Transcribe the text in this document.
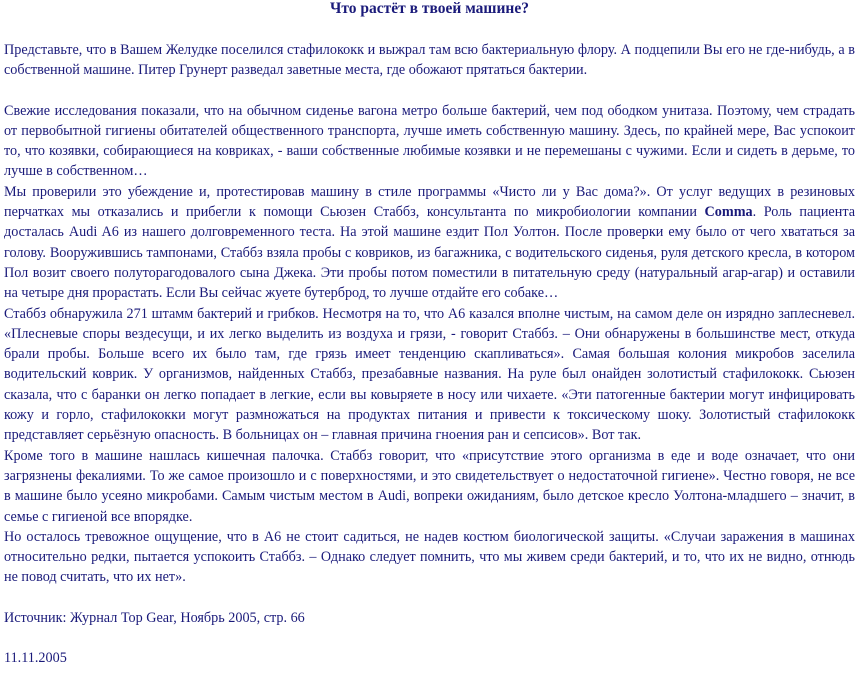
Что растёт в твоей машине?

Представьте, что в Вашем Желудке поселился стафилококк и выжрал там всю бактериальную флору. А подцепили Вы его не где-нибудь, а в собственной машине. Питер Грунерт разведал заветные места, где обожают прятаться бактерии.

Свежие исследования показали, что на обычном сиденье вагона метро больше бактерий, чем под ободком унитаза. Поэтому, чем страдать от первобытной гигиены обитателей общественного транспорта, лучше иметь собственную машину. Здесь, по крайней мере, Вас успокоит то, что козявки, собирающиеся на ковриках, - ваши собственные любимые козявки и не перемешаны с чужими. Если и сидеть в дерьме, то лучше в собственном…

Мы проверили это убеждение и, протестировав машину в стиле программы «Чисто ли у Вас дома?». От услуг ведущих в резиновых перчатках мы отказались и прибегли к помощи Сьюзен Стаббз, консультанта по микробиологии компании Comma. Роль пациента досталась Audi A6 из нашего долговременного теста. На этой машине ездит Пол Уолтон. После проверки ему было от чего хвататься за голову. Вооружившись тампонами, Стаббз взяла пробы с ковриков, из багажника, с водительского сиденья, руля детского кресла, в котором Пол возит своего полуторагодовалого сына Джека. Эти пробы потом поместили в питательную среду (натуральный агар-агар) и оставили на четыре дня прорастать. Если Вы сейчас жуете бутерброд, то лучше отдайте его собаке…

Стаббз обнаружила 271 штамм бактерий и грибков. Несмотря на то, что A6 казался вполне чистым, на самом деле он изрядно заплесневел. «Плесневые споры вездесущи, и их легко выделить из воздуха и грязи, - говорит Стаббз. – Они обнаружены в большинстве мест, откуда брали пробы. Больше всего их было там, где грязь имеет тенденцию скапливаться». Самая большая колония микробов заселила водительский коврик. У организмов, найденных Стаббз, презабавные названия. На руле был онайден золотистый стафилококк. Сьюзен сказала, что с баранки он легко попадает в легкие, если вы ковыряете в носу или чихаете. «Эти патогенные бактерии могут инфицировать кожу и горло, стафилококки могут размножаться на продуктах питания и привести к токсическому шоку. Золотистый стафилококк представляет серьёзную опасность. В больницах он – главная причина гноения ран и сепсисов». Вот так.

Кроме того в машине нашлась кишечная палочка. Стаббз говорит, что «присутствие этого организма в еде и воде означает, что они загрязнены фекалиями. То же самое произошло и с поверхностями, и это свидетельствует о недостаточной гигиене». Честно говоря, не все в машине было усеяно микробами. Самым чистым местом в Audi, вопреки ожиданиям, было детское кресло Уолтона-младшего – значит, в семье с гигиеной все впорядке.

Но осталось тревожное ощущение, что в A6 не стоит садиться, не надев костюм биологической защиты. «Случаи заражения в машинах относительно редки, пытается успокоить Стаббз. – Однако следует помнить, что мы живем среди бактерий, и то, что их не видно, отнюдь не повод считать, что их нет».

Источник: Журнал Top Gear, Ноябрь 2005, стр. 66

11.11.2005
